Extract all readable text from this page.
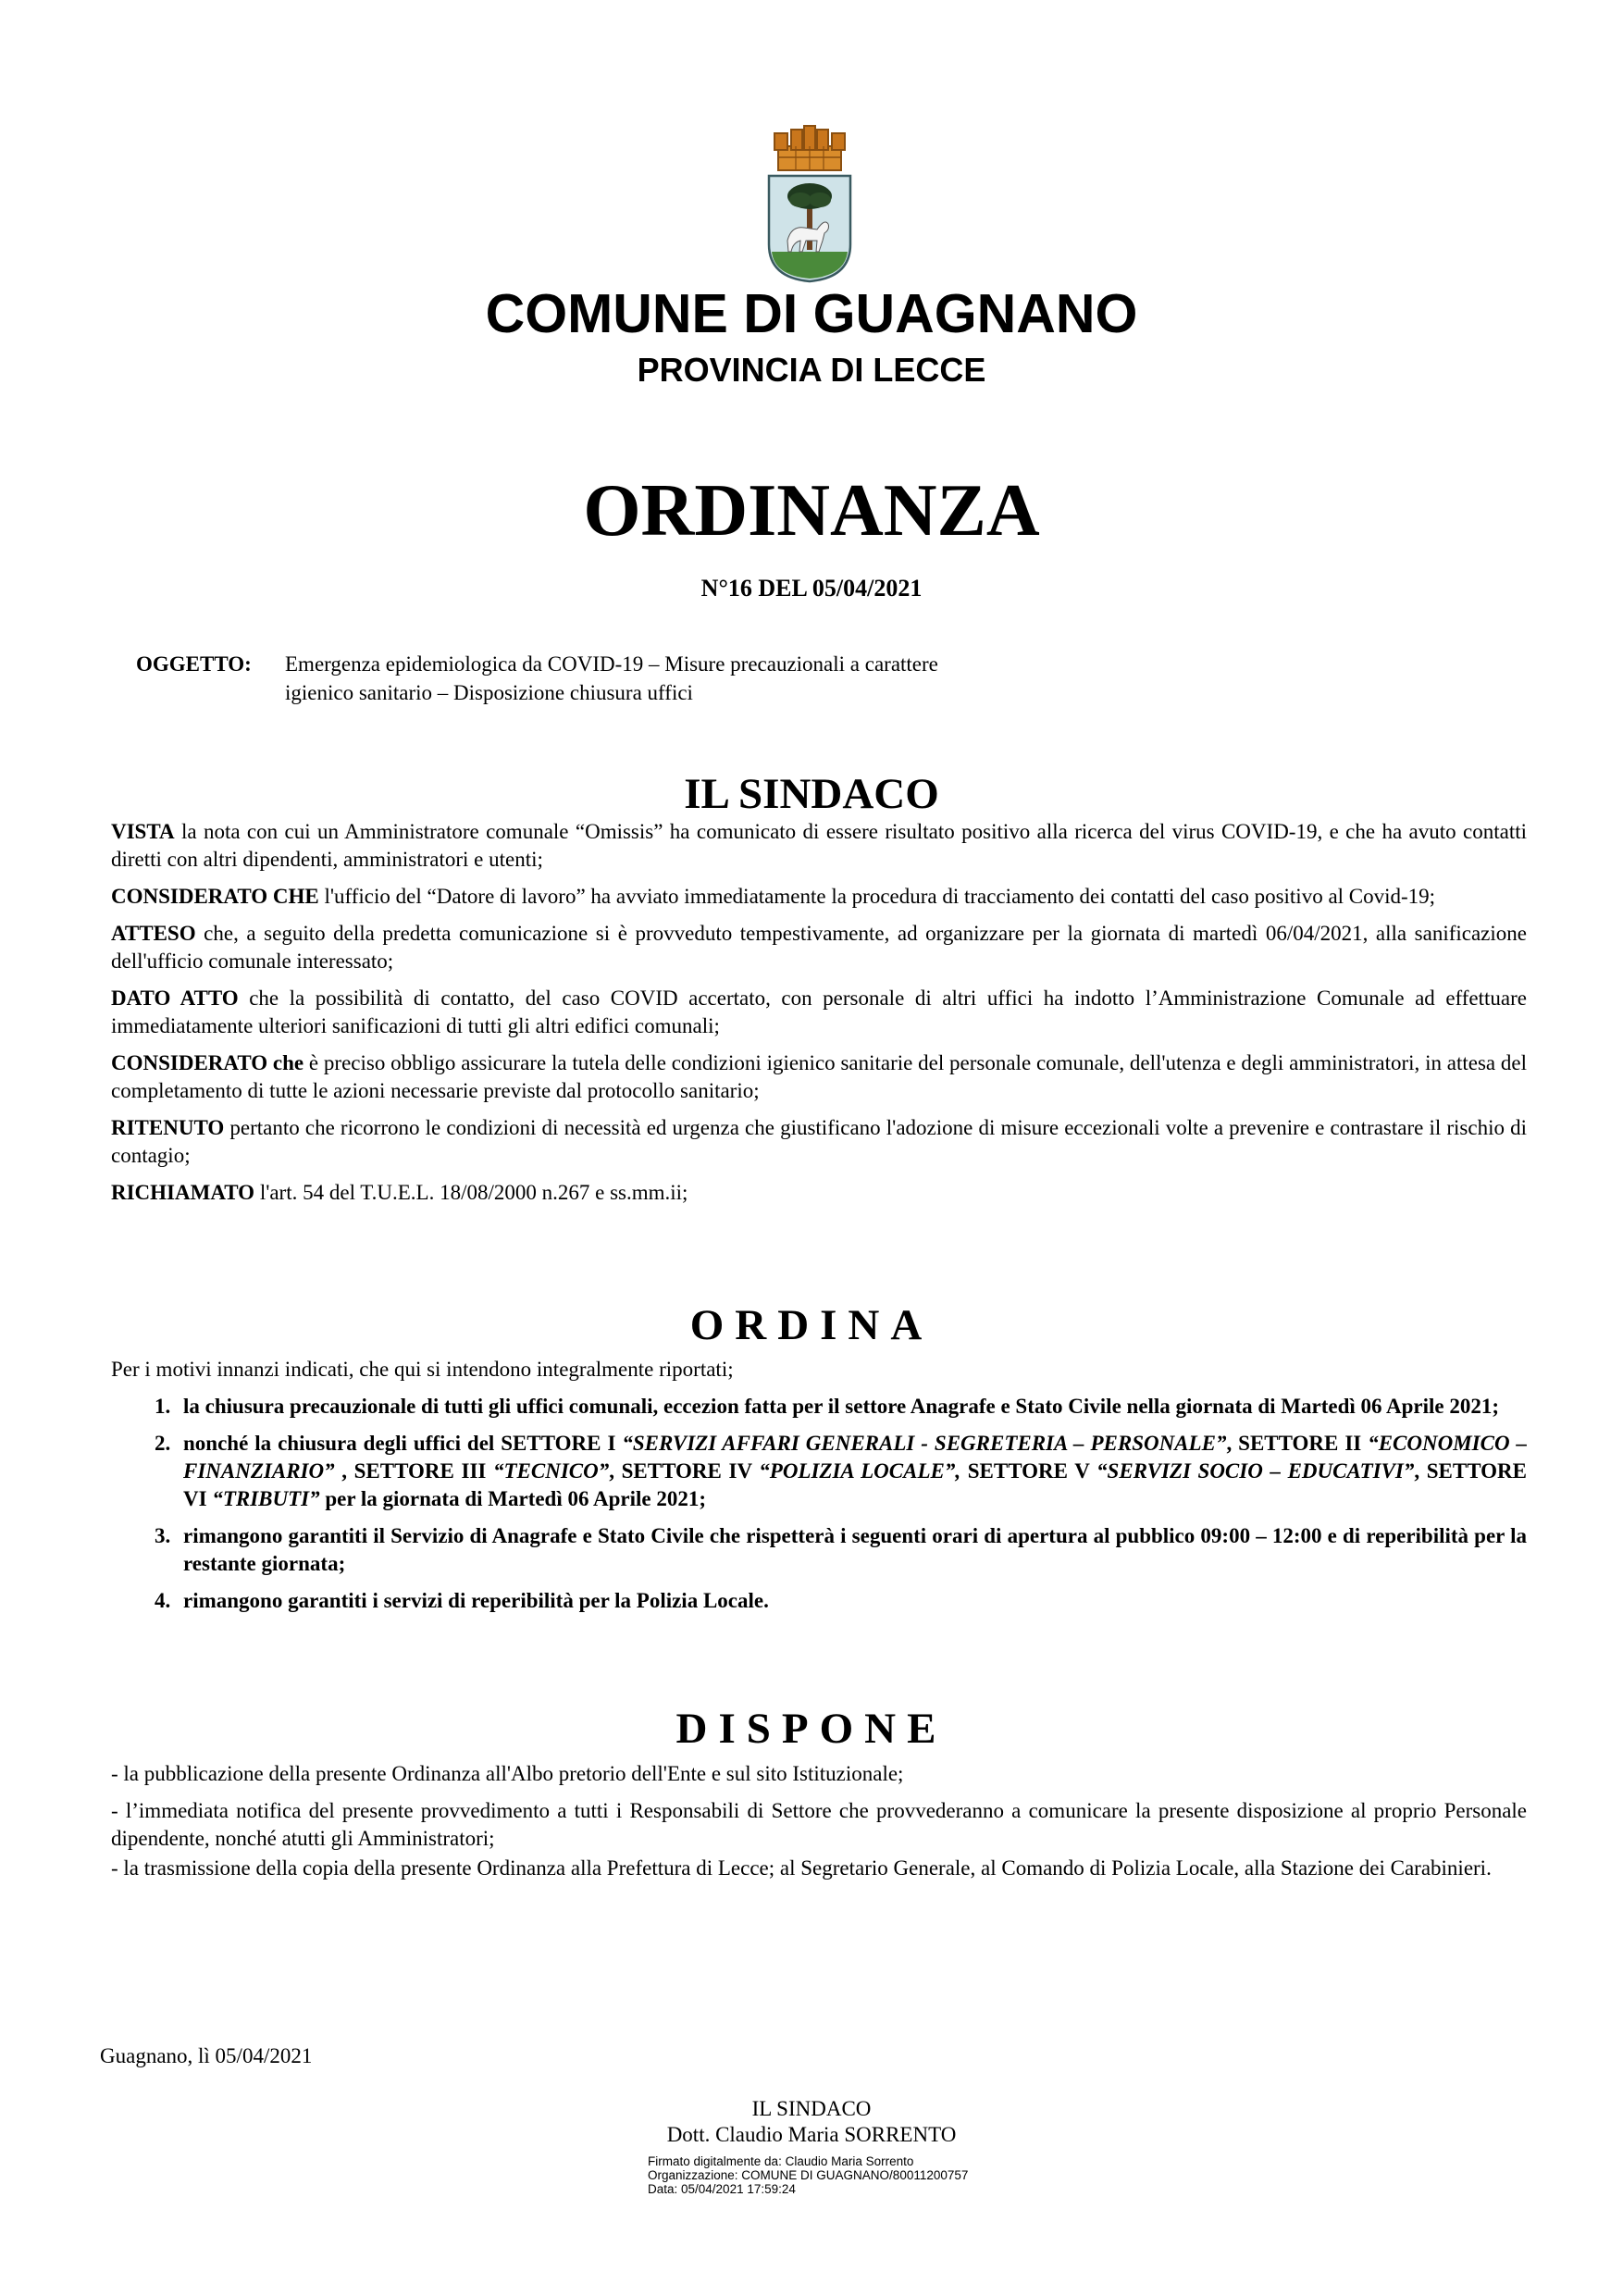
COMUNE DI GUAGNANO
PROVINCIA DI LECCE
ORDINANZA
N°16 DEL 05/04/2021
OGGETTO: Emergenza epidemiologica da COVID-19 – Misure precauzionali a carattere
igienico sanitario – Disposizione chiusura uffici
IL SINDACO

VISTA la nota con cui un Amministratore comunale “Omissis” ha comunicato di essere risultato positivo alla ricerca del virus COVID-19, e che ha avuto contatti diretti con altri dipendenti, amministratori e utenti;

CONSIDERATO CHE l'ufficio del “Datore di lavoro” ha avviato immediatamente la procedura di tracciamento dei contatti del caso positivo al Covid-19;

ATTESO che, a seguito della predetta comunicazione si è provveduto tempestivamente, ad organizzare per la giornata di martedì 06/04/2021, alla sanificazione dell'ufficio comunale interessato;

DATO ATTO che la possibilità di contatto, del caso COVID accertato, con personale di altri uffici ha indotto l’Amministrazione Comunale ad effettuare immediatamente ulteriori sanificazioni di tutti gli altri edifici comunali;

CONSIDERATO che è preciso obbligo assicurare la tutela delle condizioni igienico sanitarie del personale comunale, dell'utenza e degli amministratori, in attesa del completamento di tutte le azioni necessarie previste dal protocollo sanitario;

RITENUTO pertanto che ricorrono le condizioni di necessità ed urgenza che giustificano l'adozione di misure eccezionali volte a prevenire e contrastare il rischio di contagio;

RICHIAMATO l'art. 54 del T.U.E.L. 18/08/2000 n.267 e ss.mm.ii;

ORDINA

Per i motivi innanzi indicati, che qui si intendono integralmente riportati;

1. la chiusura precauzionale di tutti gli uffici comunali, eccezion fatta per il settore Anagrafe e Stato Civile nella giornata di Martedì 06 Aprile 2021;
2. nonché la chiusura degli uffici del SETTORE I “SERVIZI AFFARI GENERALI - SEGRETERIA – PERSONALE”, SETTORE II “ECONOMICO – FINANZIARIO” , SETTORE III “TECNICO”, SETTORE IV “POLIZIA LOCALE”, SETTORE V “SERVIZI SOCIO – EDUCATIVI”, SETTORE VI “TRIBUTI” per la giornata di Martedì 06 Aprile 2021;
3. rimangono garantiti il Servizio di Anagrafe e Stato Civile che rispetterà i seguenti orari di apertura al pubblico 09:00 – 12:00 e di reperibilità per la restante giornata;
4. rimangono garantiti i servizi di reperibilità per la Polizia Locale.
DISPONE

- la pubblicazione della presente Ordinanza all'Albo pretorio dell'Ente e sul sito Istituzionale;

- l’immediata notifica del presente provvedimento a tutti i Responsabili di Settore che provvederanno a comunicare la presente disposizione al proprio Personale dipendente, nonché atutti gli Amministratori;

- la trasmissione della copia della presente Ordinanza alla Prefettura di Lecce; al Segretario Generale, al Comando di Polizia Locale, alla Stazione dei Carabinieri.

Guagnano, lì 05/04/2021
IL SINDACO
Dott. Claudio Maria SORRENTO
Firmato digitalmente da: Claudio Maria Sorrento
Organizzazione: COMUNE DI GUAGNANO/80011200757
Data: 05/04/2021 17:59:24
